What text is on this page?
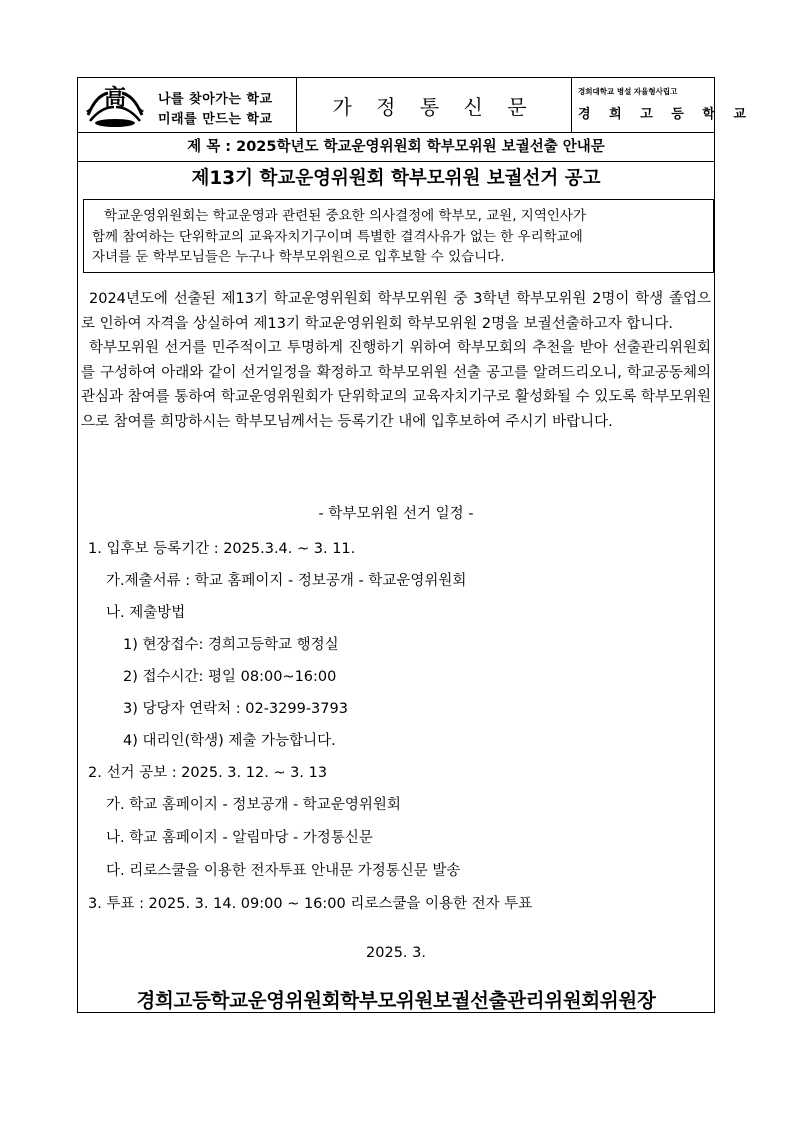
高 나를 찾아가는 학교
미래를 만드는 학교
가 정 통 신 문
경희대학교 병설 자율형사립고
경 희 고 등 학 교
제 목 : 2025학년도 학교운영위원회 학부모위원 보궐선출 안내문
제13기 학교운영위원회 학부모위원 보궐선거 공고
학교운영위원회는 학교운영과 관련된 중요한 의사결정에 학부모, 교원, 지역인사가
함께 참여하는 단위학교의 교육자치기구이며 특별한 결격사유가 없는 한 우리학교에
자녀를 둔 학부모님들은 누구나 학부모위원으로 입후보할 수 있습니다.

2024년도에 선출된 제13기 학교운영위원회 학부모위원 중 3학년 학부모위원 2명이 학생 졸업으로 인하여 자격을 상실하여 제13기 학교운영위원회 학부모위원 2명을 보궐선출하고자 합니다.

학부모위원 선거를 민주적이고 투명하게 진행하기 위하여 학부모회의 추천을 받아 선출관리위원회를 구성하여 아래와 같이 선거일정을 확정하고 학부모위원 선출 공고를 알려드리오니, 학교공동체의 관심과 참여를 통하여 학교운영위원회가 단위학교의 교육자치기구로 활성화될 수 있도록 학부모위원으로 참여를 희망하시는 학부모님께서는 등록기간 내에 입후보하여 주시기 바랍니다.

- 학부모위원 선거 일정 -
1. 입후보 등록기간 : 2025.3.4. ~ 3. 11.
가.제출서류 : 학교 홈페이지 - 정보공개 - 학교운영위원회
나. 제출방법
1) 현장접수: 경희고등학교 행정실
2) 접수시간: 평일 08:00~16:00
3) 당당자 연락처 : 02-3299-3793
4) 대리인(학생) 제출 가능합니다.
2. 선거 공보 : 2025. 3. 12. ~ 3. 13
가. 학교 홈페이지 - 정보공개 - 학교운영위원회
나. 학교 홈페이지 - 알림마당 - 가정통신문
다. 리로스쿨을 이용한 전자투표 안내문 가정통신문 발송
3. 투표 : 2025. 3. 14. 09:00 ~ 16:00 리로스쿨을 이용한 전자 투표
2025. 3.
경희고등학교운영위원회학부모위원보궐선출관리위원회위원장
